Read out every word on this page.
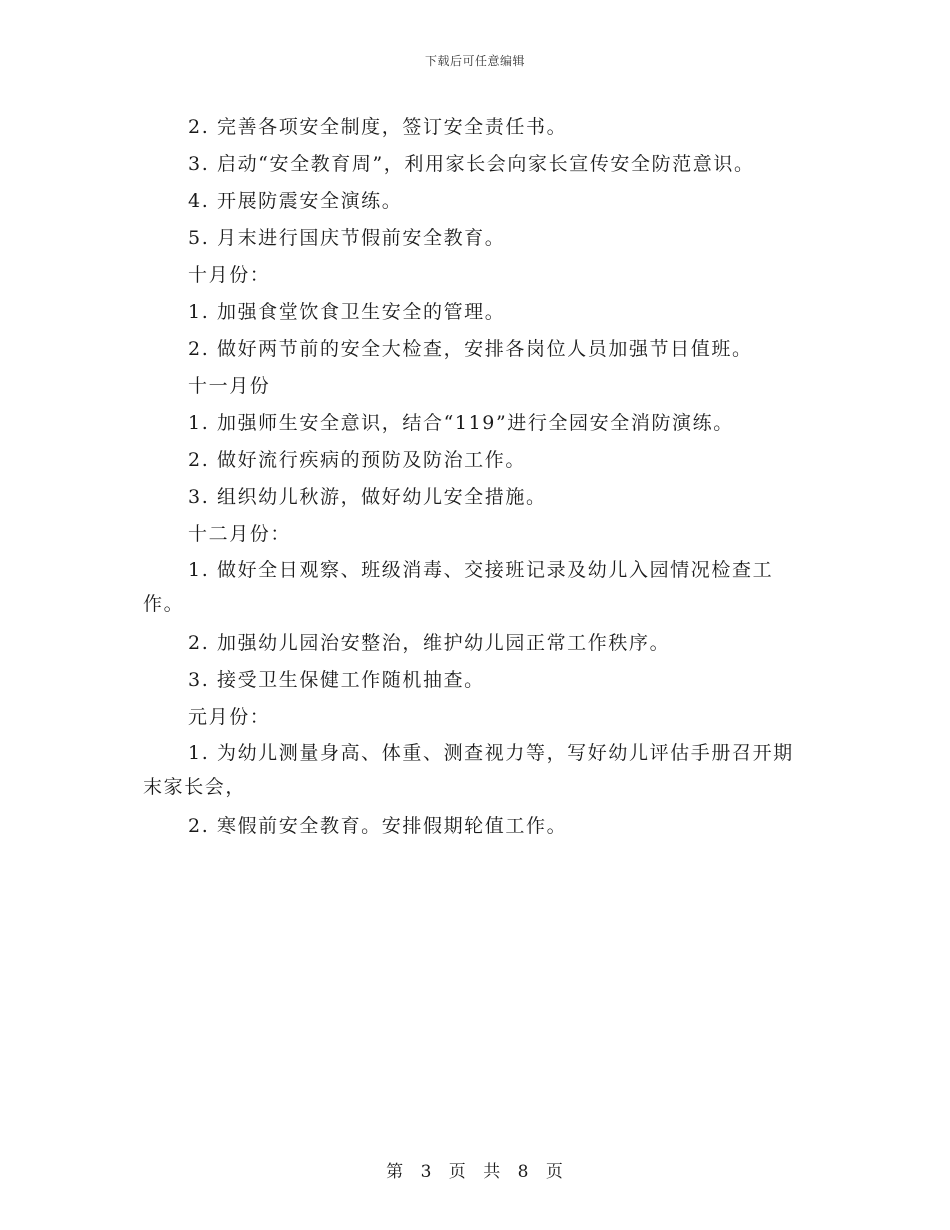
下载后可任意编辑

2. 完善各项安全制度，签订安全责任书。

3. 启动“安全教育周”，利用家长会向家长宣传安全防范意识。

4. 开展防震安全演练。

5. 月末进行国庆节假前安全教育。

十月份：

1. 加强食堂饮食卫生安全的管理。

2. 做好两节前的安全大检查，安排各岗位人员加强节日值班。

十一月份

1. 加强师生安全意识，结合“119”进行全园安全消防演练。

2. 做好流行疾病的预防及防治工作。

3. 组织幼儿秋游，做好幼儿安全措施。

十二月份：

1. 做好全日观察、班级消毒、交接班记录及幼儿入园情况检查工作。

2. 加强幼儿园治安整治，维护幼儿园正常工作秩序。

3. 接受卫生保健工作随机抽查。

元月份：

1. 为幼儿测量身高、体重、测查视力等，写好幼儿评估手册召开期末家长会，

2. 寒假前安全教育。安排假期轮值工作。

第 3 页 共 8 页
